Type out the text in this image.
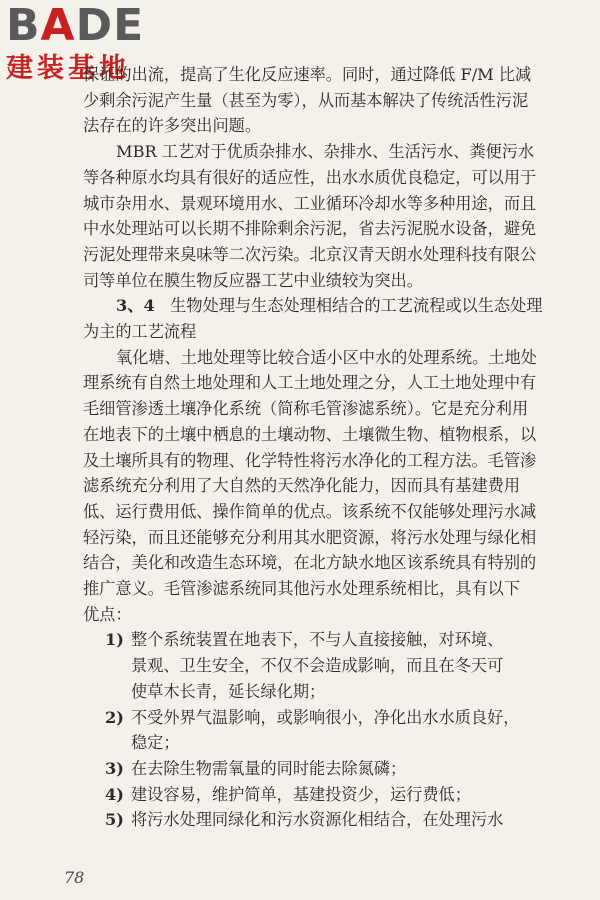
BADE
建装基地
保证的出流，提高了生化反应速率。同时，通过降低 F/M 比减
少剩余污泥产生量（甚至为零），从而基本解决了传统活性污泥
法存在的许多突出问题。
MBR 工艺对于优质杂排水、杂排水、生活污水、粪便污水
等各种原水均具有很好的适应性，出水水质优良稳定，可以用于
城市杂用水、景观环境用水、工业循环冷却水等多种用途，而且
中水处理站可以长期不排除剩余污泥，省去污泥脱水设备，避免
污泥处理带来臭味等二次污染。北京汉青天朗水处理科技有限公
司等单位在膜生物反应器工艺中业绩较为突出。
3、4 生物处理与生态处理相结合的工艺流程或以生态处理
为主的工艺流程
氧化塘、土地处理等比较合适小区中水的处理系统。土地处
理系统有自然土地处理和人工土地处理之分，人工土地处理中有
毛细管渗透土壤净化系统（简称毛管渗滤系统）。它是充分利用
在地表下的土壤中栖息的土壤动物、土壤微生物、植物根系，以
及土壤所具有的物理、化学特性将污水净化的工程方法。毛管渗
滤系统充分利用了大自然的天然净化能力，因而具有基建费用
低、运行费用低、操作简单的优点。该系统不仅能够处理污水减
轻污染，而且还能够充分利用其水肥资源，将污水处理与绿化相
结合，美化和改造生态环境，在北方缺水地区该系统具有特别的
推广意义。毛管渗滤系统同其他污水处理系统相比，具有以下
优点：
1) 整个系统装置在地表下，不与人直接接触，对环境、
景观、卫生安全，不仅不会造成影响，而且在冬天可
使草木长青，延长绿化期；
2) 不受外界气温影响，或影响很小，净化出水水质良好，
稳定；
3) 在去除生物需氧量的同时能去除氮磷；
4) 建设容易，维护简单，基建投资少，运行费低；
5) 将污水处理同绿化和污水资源化相结合，在处理污水
78
